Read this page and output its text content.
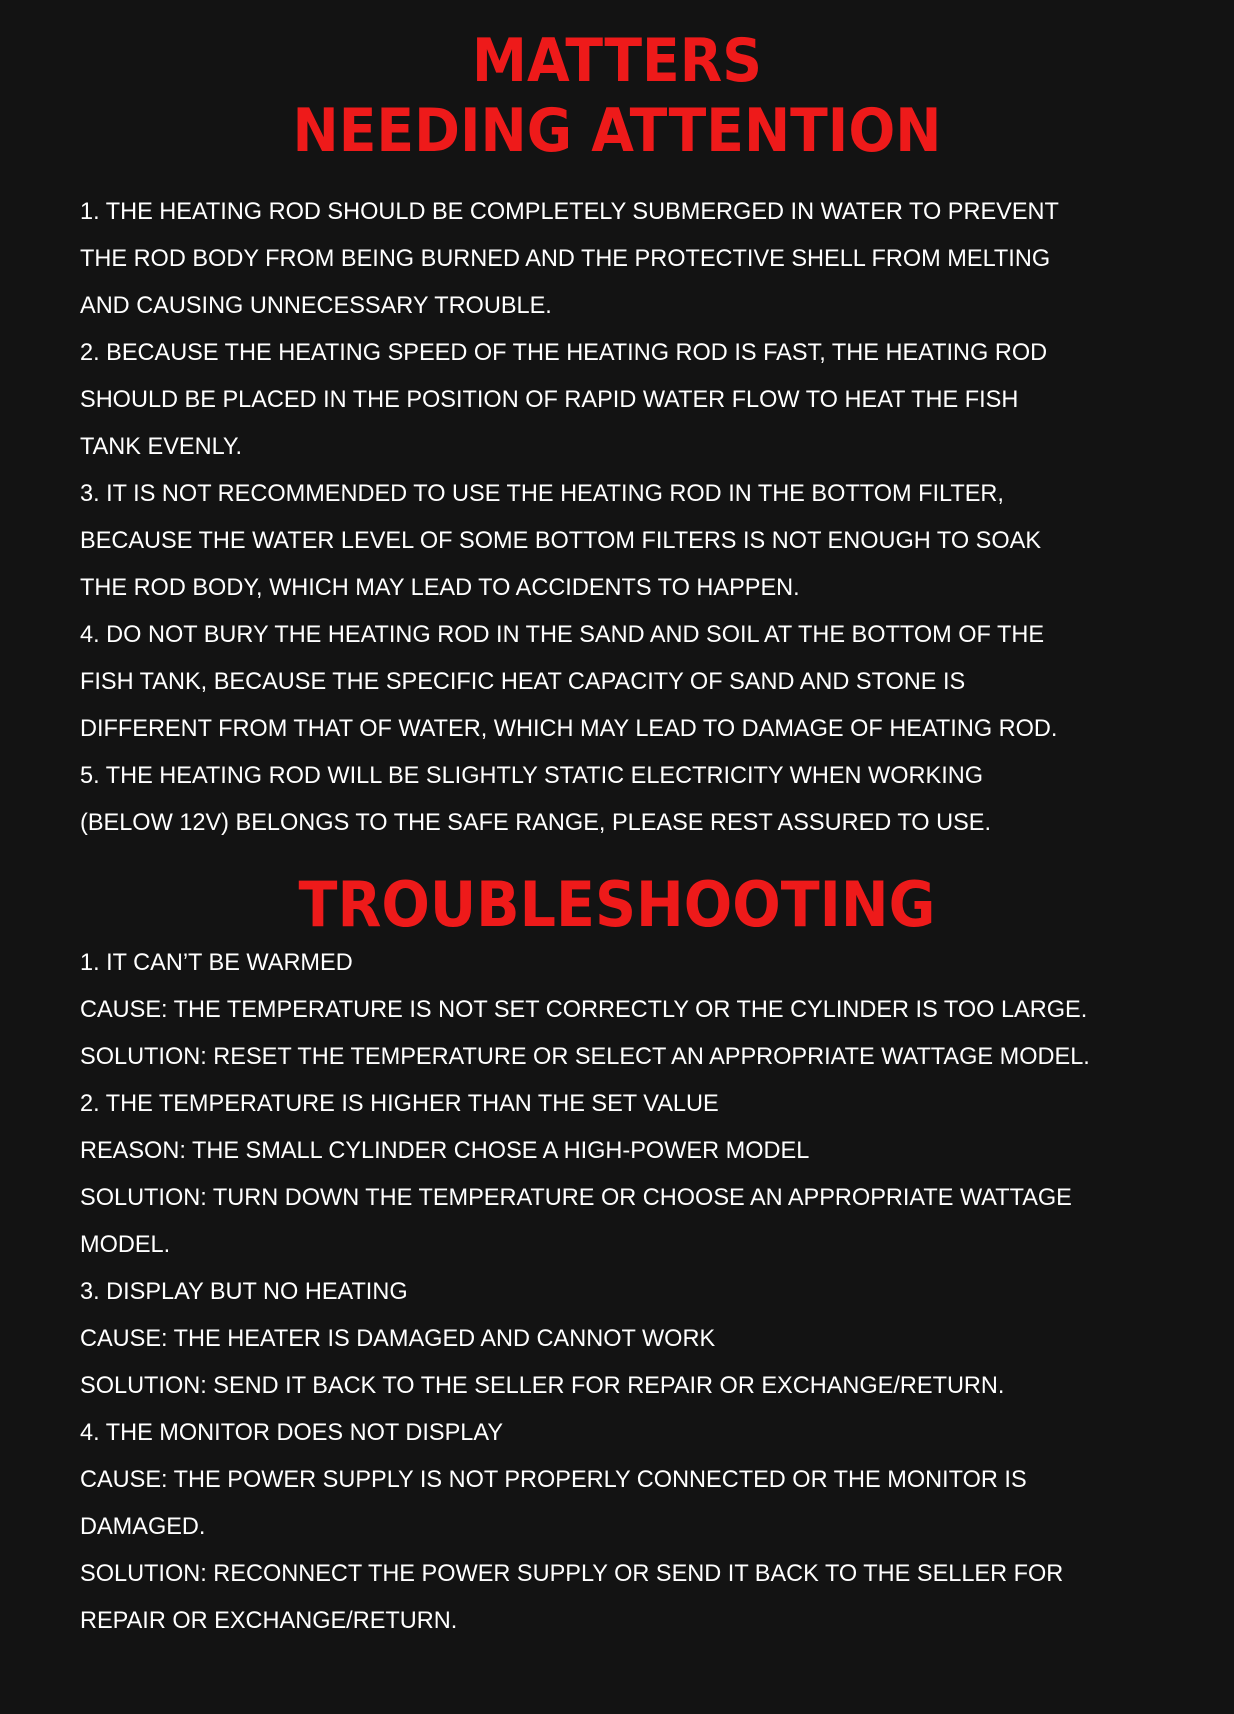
MATTERS
NEEDING ATTENTION
1. THE HEATING ROD SHOULD BE COMPLETELY SUBMERGED IN WATER TO PREVENT
THE ROD BODY FROM BEING BURNED AND THE PROTECTIVE SHELL FROM MELTING
AND CAUSING UNNECESSARY TROUBLE.
2. BECAUSE THE HEATING SPEED OF THE HEATING ROD IS FAST, THE HEATING ROD
SHOULD BE PLACED IN THE POSITION OF RAPID WATER FLOW TO HEAT THE FISH
TANK EVENLY.
3. IT IS NOT RECOMMENDED TO USE THE HEATING ROD IN THE BOTTOM FILTER,
BECAUSE THE WATER LEVEL OF SOME BOTTOM FILTERS IS NOT ENOUGH TO SOAK
THE ROD BODY, WHICH MAY LEAD TO ACCIDENTS TO HAPPEN.
4. DO NOT BURY THE HEATING ROD IN THE SAND AND SOIL AT THE BOTTOM OF THE
FISH TANK, BECAUSE THE SPECIFIC HEAT CAPACITY OF SAND AND STONE IS
DIFFERENT FROM THAT OF WATER, WHICH MAY LEAD TO DAMAGE OF HEATING ROD.
5. THE HEATING ROD WILL BE SLIGHTLY STATIC ELECTRICITY WHEN WORKING
(BELOW 12V) BELONGS TO THE SAFE RANGE, PLEASE REST ASSURED TO USE.
TROUBLESHOOTING
1. IT CAN’T BE WARMED
CAUSE: THE TEMPERATURE IS NOT SET CORRECTLY OR THE CYLINDER IS TOO LARGE.
SOLUTION: RESET THE TEMPERATURE OR SELECT AN APPROPRIATE WATTAGE MODEL.
2. THE TEMPERATURE IS HIGHER THAN THE SET VALUE
REASON: THE SMALL CYLINDER CHOSE A HIGH-POWER MODEL
SOLUTION: TURN DOWN THE TEMPERATURE OR CHOOSE AN APPROPRIATE WATTAGE
MODEL.
3. DISPLAY BUT NO HEATING
CAUSE: THE HEATER IS DAMAGED AND CANNOT WORK
SOLUTION: SEND IT BACK TO THE SELLER FOR REPAIR OR EXCHANGE/RETURN.
4. THE MONITOR DOES NOT DISPLAY
CAUSE: THE POWER SUPPLY IS NOT PROPERLY CONNECTED OR THE MONITOR IS
DAMAGED.
SOLUTION: RECONNECT THE POWER SUPPLY OR SEND IT BACK TO THE SELLER FOR
REPAIR OR EXCHANGE/RETURN.
